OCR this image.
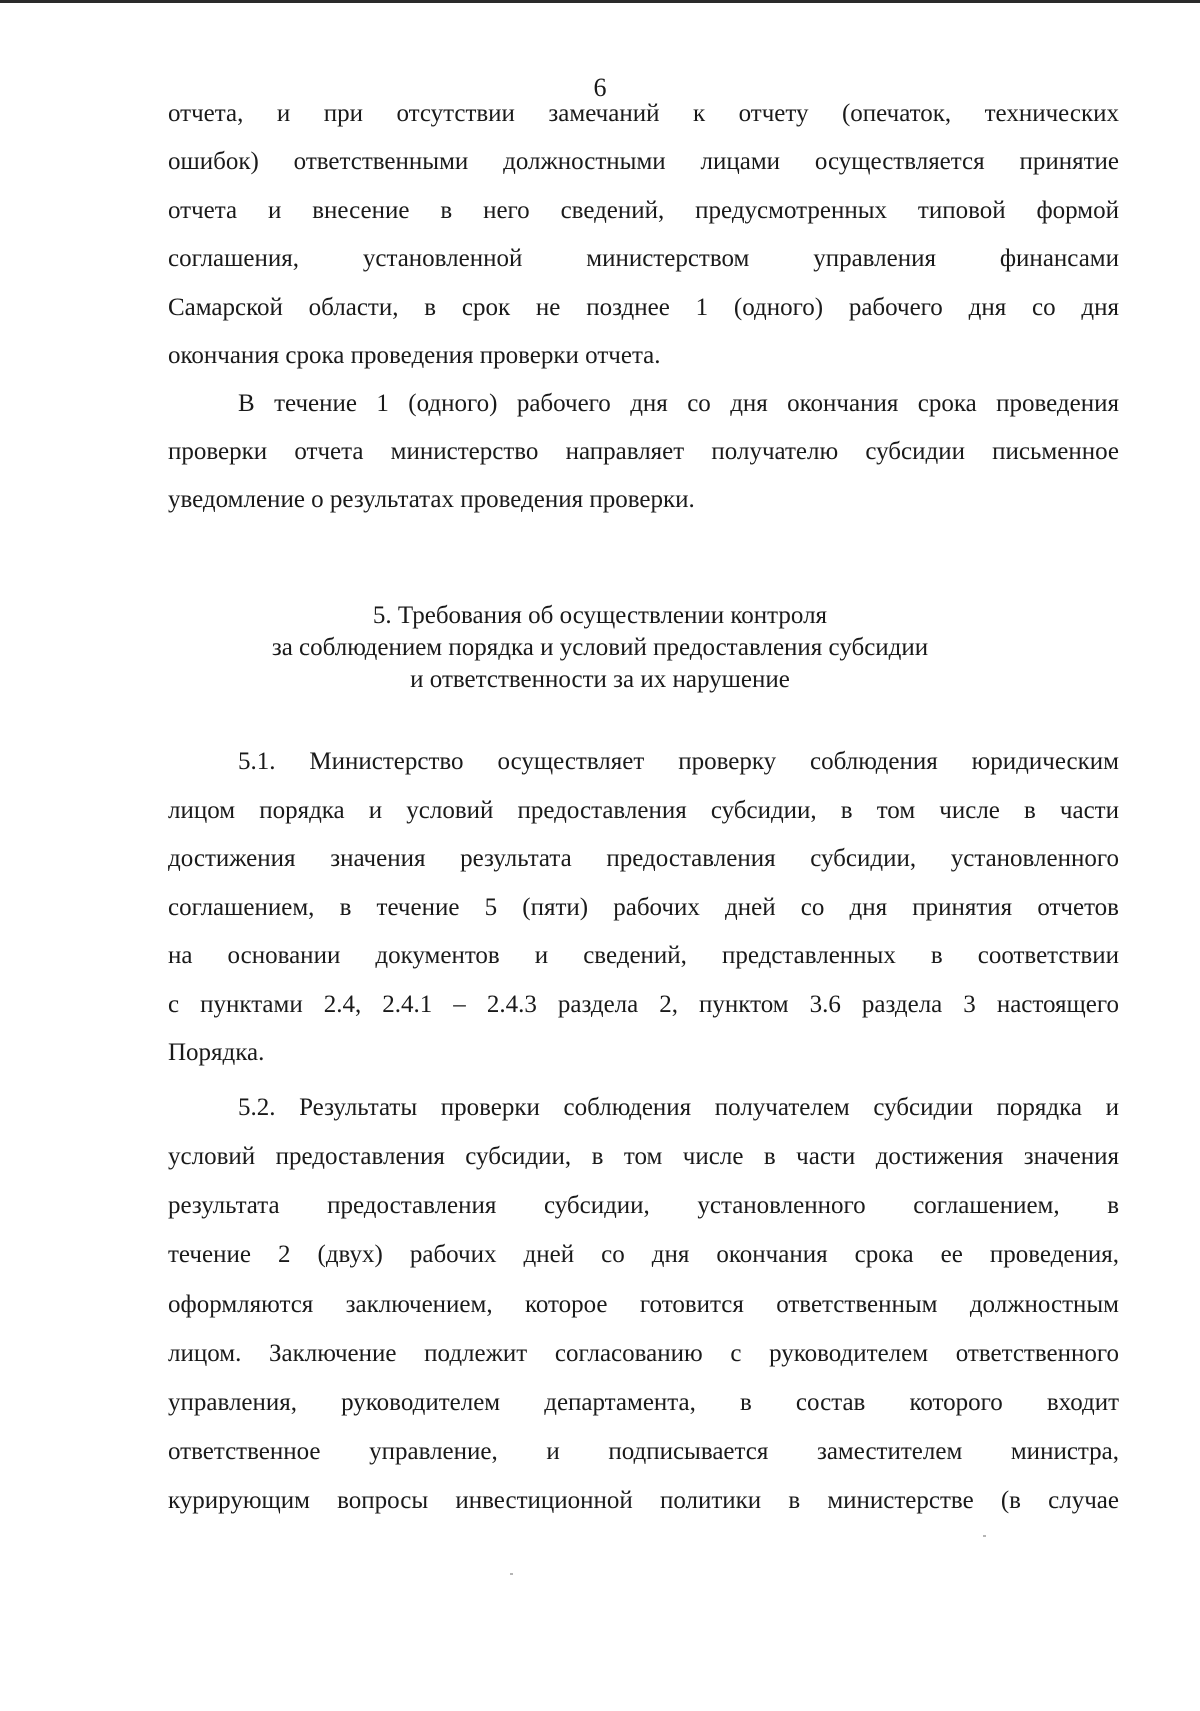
6
отчета, и при отсутствии замечаний к отчету (опечаток, технических
ошибок) ответственными должностными лицами осуществляется принятие
отчета и внесение в него сведений, предусмотренных типовой формой
соглашения, установленной министерством управления финансами
Самарской области, в срок не позднее 1 (одного) рабочего дня со дня
окончания срока проведения проверки отчета.
В течение 1 (одного) рабочего дня со дня окончания срока проведения
проверки отчета министерство направляет получателю субсидии письменное
уведомление о результатах проведения проверки.
5. Требования об осуществлении контроля
за соблюдением порядка и условий предоставления субсидии
и ответственности за их нарушение
5.1. Министерство осуществляет проверку соблюдения юридическим
лицом порядка и условий предоставления субсидии, в том числе в части
достижения значения результата предоставления субсидии, установленного
соглашением, в течение 5 (пяти) рабочих дней со дня принятия отчетов
на основании документов и сведений, представленных в соответствии
с пунктами 2.4, 2.4.1 – 2.4.3 раздела 2, пунктом 3.6 раздела 3 настоящего
Порядка.
5.2. Результаты проверки соблюдения получателем субсидии порядка и
условий предоставления субсидии, в том числе в части достижения значения
результата предоставления субсидии, установленного соглашением, в
течение 2 (двух) рабочих дней со дня окончания срока ее проведения,
оформляются заключением, которое готовится ответственным должностным
лицом. Заключение подлежит согласованию с руководителем ответственного
управления, руководителем департамента, в состав которого входит
ответственное управление, и подписывается заместителем министра,
курирующим вопросы инвестиционной политики в министерстве (в случае
